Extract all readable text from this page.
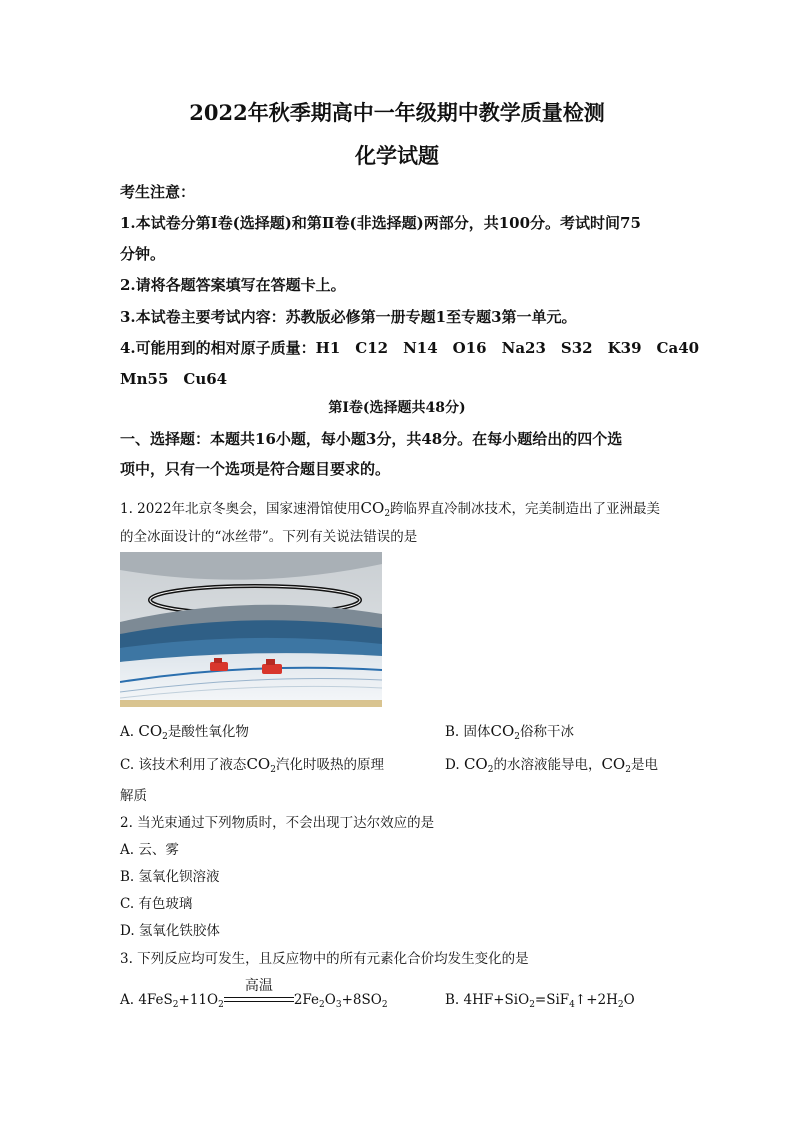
2022年秋季期高中一年级期中教学质量检测
化学试题
考生注意：
1.本试卷分第Ⅰ卷(选择题)和第Ⅱ卷(非选择题)两部分，共100分。考试时间75
分钟。
2.请将各题答案填写在答题卡上。
3.本试卷主要考试内容：苏教版必修第一册专题1至专题3第一单元。
4.可能用到的相对原子质量：H1　C12　N14　O16　Na23　S32　K39　Ca40
Mn55　Cu64
第Ⅰ卷(选择题共48分)
一、选择题：本题共16小题，每小题3分，共48分。在每小题给出的四个选
项中，只有一个选项是符合题目要求的。
1. 2022年北京冬奥会，国家速滑馆使用$CO_2$跨临界直冷制冰技术，完美制造出了亚洲最美
的全冰面设计的“冰丝带”。下列有关说法错误的是
A. $CO_2$是酸性氧化物	B. 固体$CO_2$俗称干冰
C. 该技术利用了液态$CO_2$汽化时吸热的原理	D. $CO_2$的水溶液能导电，$CO_2$是电
解质
2. 当光束通过下列物质时，不会出现丁达尔效应的是
A. 云、雾
B. 氢氧化钡溶液
C. 有色玻璃
D. 氢氧化铁胶体
3. 下列反应均可发生，且反应物中的所有元素化合价均发生变化的是
A. $4FeS_2+11O_2$
高温
$2Fe_2O_3+8SO_2$	B. $4HF+SiO_2=SiF_4↑+2H_2O$
